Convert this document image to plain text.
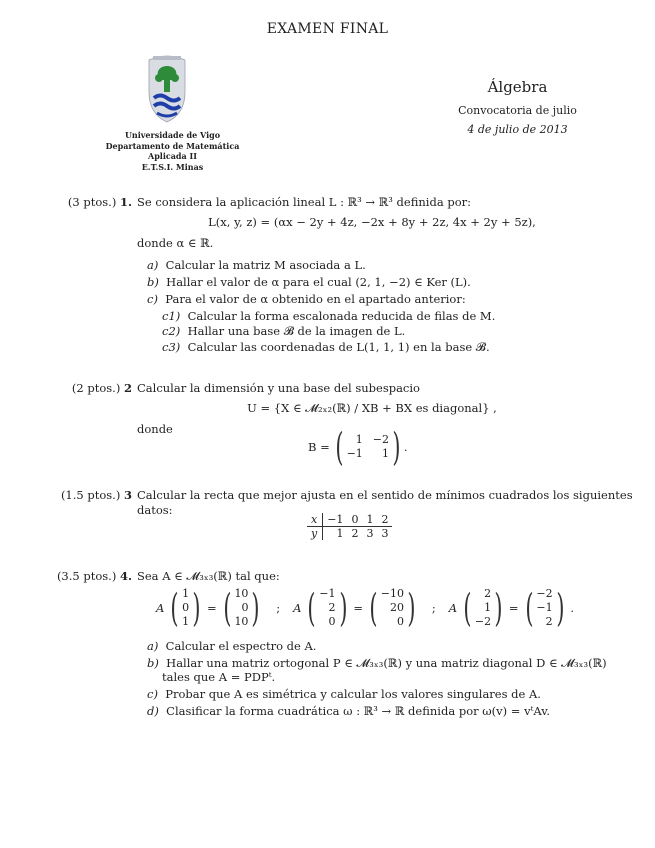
EXAMEN FINAL
Universidade de Vigo
Departamento de Matemática Aplicada II
E.T.S.I. Minas
Álgebra
Convocatoria de julio
4 de julio de 2013
(3 ptos.) 1. Se considera la aplicación lineal L : ℝ³ → ℝ³ definida por:
L(x, y, z) = (αx − 2y + 4z, −2x + 8y + 2z, 4x + 2y + 5z),
donde α ∈ ℝ.
a) Calcular la matriz M asociada a L.
b) Hallar el valor de α para el cual (2, 1, −2) ∈ Ker (L).
c) Para el valor de α obtenido en el apartado anterior:
c1) Calcular la forma escalonada reducida de filas de M.
c2) Hallar una base 𝓑 de la imagen de L.
c3) Calcular las coordenadas de L(1, 1, 1) en la base 𝓑.
(2 ptos.) 2 Calcular la dimensión y una base del subespacio
U = {X ∈ 𝓜₂ₓ₂(ℝ) / XB + BX es diagonal} ,
donde
B = (	1 −2
−1	1 ) .
(1.5 ptos.) 3 Calcular la recta que mejor ajusta en el sentido de mínimos cuadrados los siguientes
datos:
x	−1	0	1	2
y	1	2	3	3
(3.5 ptos.) 4. Sea A ∈ 𝓜₃ₓ₃(ℝ) tal que:
A ( 1
0
1 ) = ( 10
0
10 ) ; A ( −1
2
0 ) = ( −10
20
0 ) ; A ( 2
1
−2 ) = ( −2
−1
2 ) .
a) Calcular el espectro de A.
b) Hallar una matriz ortogonal P ∈ 𝓜₃ₓ₃(ℝ) y una matriz diagonal D ∈ 𝓜₃ₓ₃(ℝ)
tales que A = PDPᵗ.
c) Probar que A es simétrica y calcular los valores singulares de A.
d) Clasificar la forma cuadrática ω : ℝ³ → ℝ definida por ω(v) = vᵗAv.
